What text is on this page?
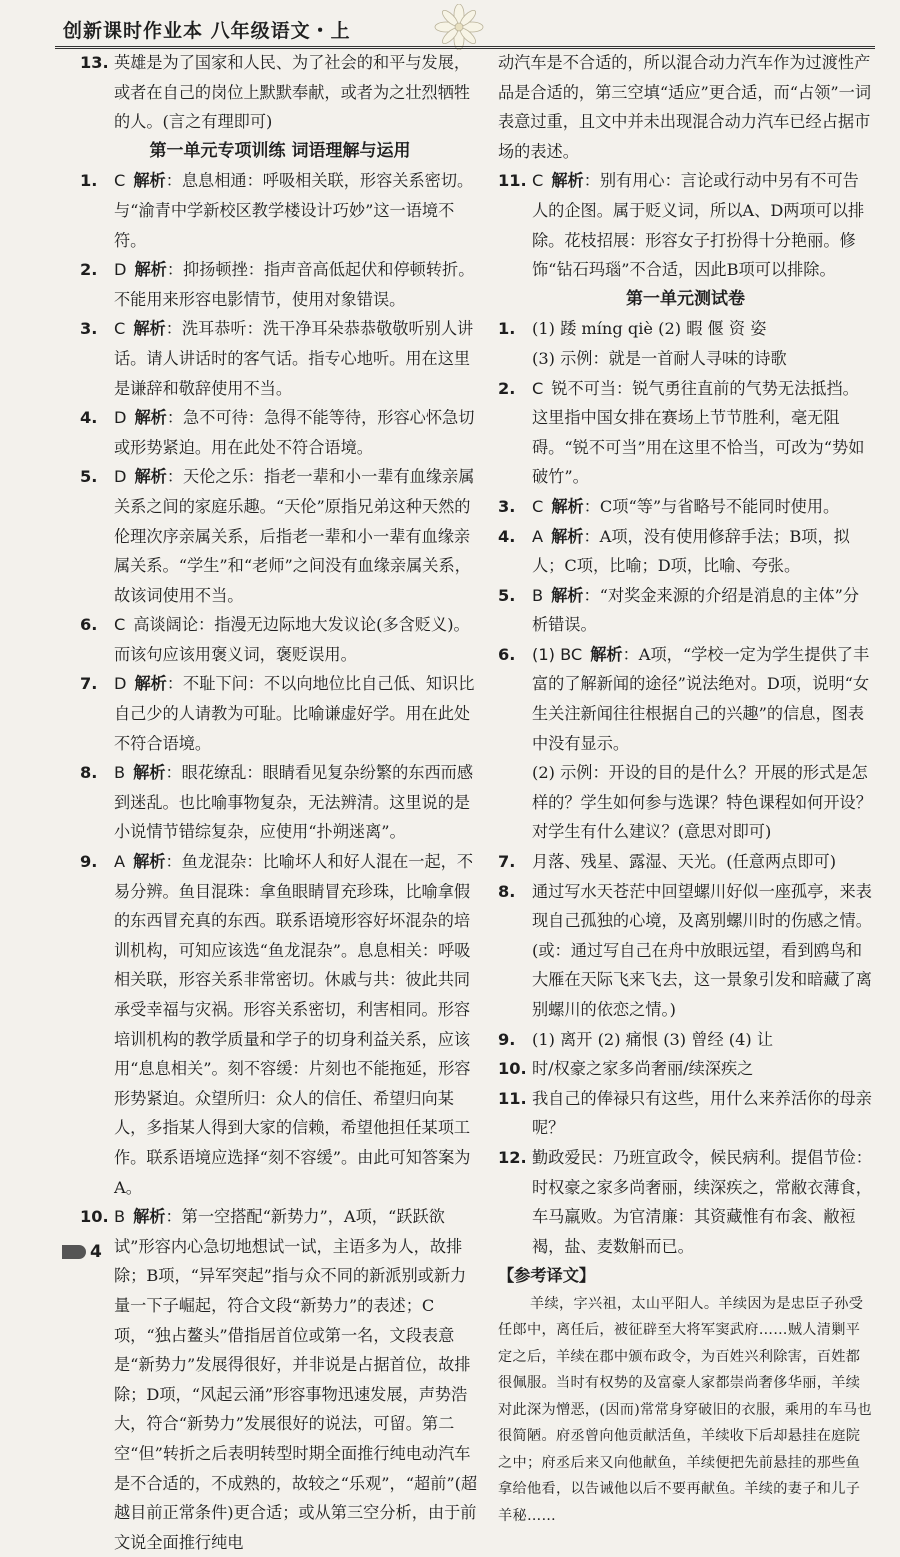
创新课时作业本 八年级语文・上

13. 英雄是为了国家和人民、为了社会的和平与发展，或者在自己的岗位上默默奉献，或者为之壮烈牺牲的人。(言之有理即可)

第一单元专项训练 词语理解与运用

1. C 解析：息息相通：呼吸相关联，形容关系密切。与“渝青中学新校区教学楼设计巧妙”这一语境不符。

2. D 解析：抑扬顿挫：指声音高低起伏和停顿转折。不能用来形容电影情节，使用对象错误。

3. C 解析：洗耳恭听：洗干净耳朵恭恭敬敬听别人讲话。请人讲话时的客气话。指专心地听。用在这里是谦辞和敬辞使用不当。

4. D 解析：急不可待：急得不能等待，形容心怀急切或形势紧迫。用在此处不符合语境。

5. D 解析：天伦之乐：指老一辈和小一辈有血缘亲属关系之间的家庭乐趣。“天伦”原指兄弟这种天然的伦理次序亲属关系，后指老一辈和小一辈有血缘亲属关系。“学生”和“老师”之间没有血缘亲属关系，故该词使用不当。

6. C 高谈阔论：指漫无边际地大发议论(多含贬义)。而该句应该用褒义词，褒贬误用。

7. D 解析：不耻下问：不以向地位比自己低、知识比自己少的人请教为可耻。比喻谦虚好学。用在此处不符合语境。

8. B 解析：眼花缭乱：眼睛看见复杂纷繁的东西而感到迷乱。也比喻事物复杂，无法辨清。这里说的是小说情节错综复杂，应使用“扑朔迷离”。

9. A 解析：鱼龙混杂：比喻坏人和好人混在一起，不易分辨。鱼目混珠：拿鱼眼睛冒充珍珠，比喻拿假的东西冒充真的东西。联系语境形容好坏混杂的培训机构，可知应该选“鱼龙混杂”。息息相关：呼吸相关联，形容关系非常密切。休戚与共：彼此共同承受幸福与灾祸。形容关系密切，利害相同。形容培训机构的教学质量和学子的切身利益关系，应该用“息息相关”。刻不容缓：片刻也不能拖延，形容形势紧迫。众望所归：众人的信任、希望归向某人，多指某人得到大家的信赖，希望他担任某项工作。联系语境应选择“刻不容缓”。由此可知答案为A。

10. B 解析：第一空搭配“新势力”，A项，“跃跃欲试”形容内心急切地想试一试，主语多为人，故排除；B项，“异军突起”指与众不同的新派别或新力量一下子崛起，符合文段“新势力”的表述；C项，“独占鳌头”借指居首位或第一名，文段表意是“新势力”发展得很好，并非说是占据首位，故排除；D项，“风起云涌”形容事物迅速发展，声势浩大，符合“新势力”发展很好的说法，可留。第二空“但”转折之后表明转型时期全面推行纯电动汽车是不合适的，不成熟的，故较之“乐观”，“超前”(超越目前正常条件)更合适；或从第三空分析，由于前文说全面推行纯电

动汽车是不合适的，所以混合动力汽车作为过渡性产品是合适的，第三空填“适应”更合适，而“占领”一词表意过重，且文中并未出现混合动力汽车已经占据市场的表述。

11. C 解析：别有用心：言论或行动中另有不可告人的企图。属于贬义词，所以A、D两项可以排除。花枝招展：形容女子打扮得十分艳丽。修饰“钻石玛瑙”不合适，因此B项可以排除。

第一单元测试卷

1. (1) 踒 míng qiè (2) 暇 偃 资 姿

(3) 示例：就是一首耐人寻味的诗歌

2. C 锐不可当：锐气勇往直前的气势无法抵挡。这里指中国女排在赛场上节节胜利，毫无阻碍。“锐不可当”用在这里不恰当，可改为“势如破竹”。

3. C 解析：C项“等”与省略号不能同时使用。

4. A 解析：A项，没有使用修辞手法；B项，拟人；C项，比喻；D项，比喻、夸张。

5. B 解析：“对奖金来源的介绍是消息的主体”分析错误。

6. (1) BC 解析：A项，“学校一定为学生提供了丰富的了解新闻的途径”说法绝对。D项，说明“女生关注新闻往往根据自己的兴趣”的信息，图表中没有显示。

(2) 示例：开设的目的是什么？开展的形式是怎样的？学生如何参与选课？特色课程如何开设？对学生有什么建议？(意思对即可)

7. 月落、残星、露湿、天光。(任意两点即可)

8. 通过写水天苍茫中回望螺川好似一座孤亭，来表现自己孤独的心境，及离别螺川时的伤感之情。(或：通过写自己在舟中放眼远望，看到鸥鸟和大雁在天际飞来飞去，这一景象引发和暗藏了离别螺川的依恋之情。)

9. (1) 离开 (2) 痛恨 (3) 曾经 (4) 让

10. 时/权豪之家多尚奢丽/续深疾之

11. 我自己的俸禄只有这些，用什么来养活你的母亲呢？

12. 勤政爱民：乃班宣政令，候民病利。提倡节俭：时权豪之家多尚奢丽，续深疾之，常敝衣薄食，车马羸败。为官清廉：其资藏惟有布衾、敝裋褐，盐、麦数斛而已。

【参考译文】

羊续，字兴祖，太山平阳人。羊续因为是忠臣子孙受任郎中，离任后，被征辟至大将军窦武府……贼人清剿平定之后，羊续在郡中颁布政令，为百姓兴利除害，百姓都很佩服。当时有权势的及富豪人家都崇尚奢侈华丽，羊续对此深为憎恶，(因而)常常身穿破旧的衣服，乘用的车马也很简陋。府丞曾向他贡献活鱼，羊续收下后却悬挂在庭院之中；府丞后来又向他献鱼，羊续便把先前悬挂的那些鱼拿给他看，以告诫他以后不要再献鱼。羊续的妻子和儿子羊秘……

4
